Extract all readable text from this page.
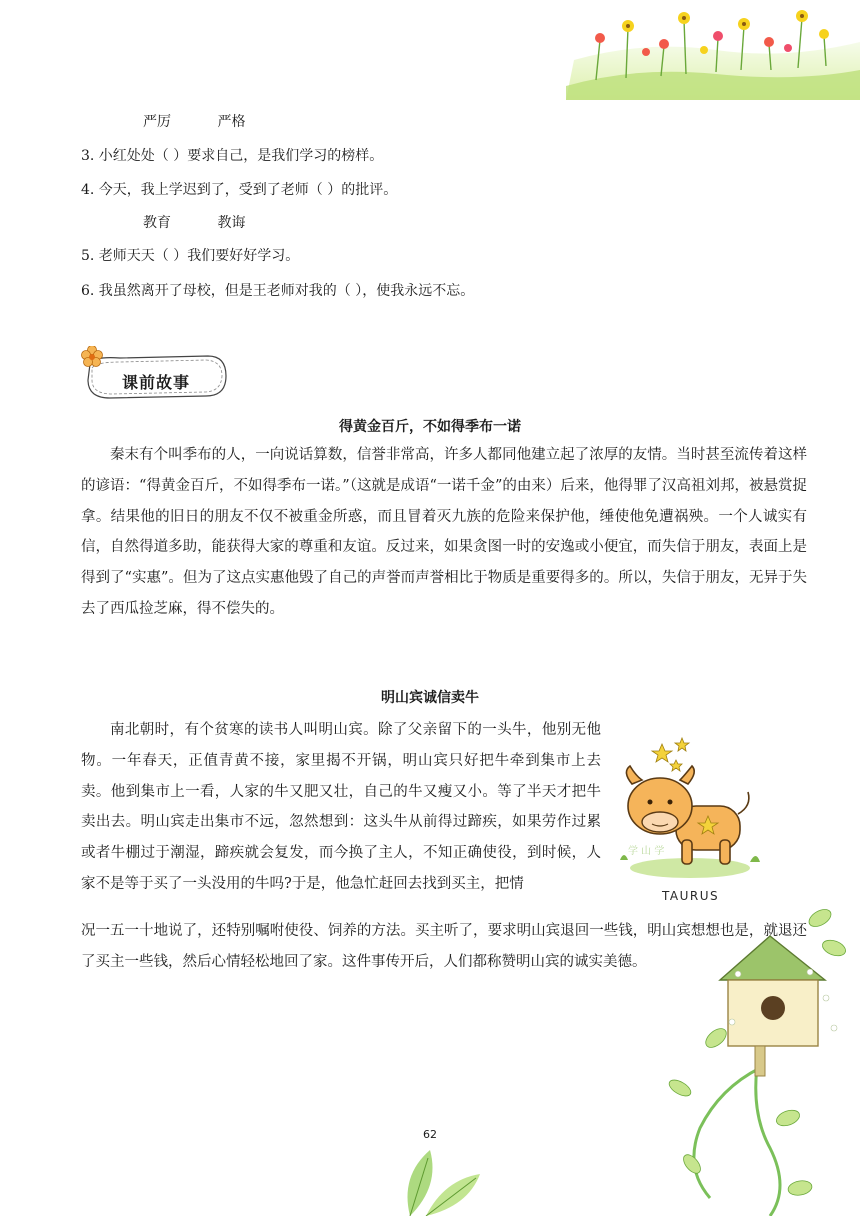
严厉	严格
3. 小红处处（ ）要求自己，是我们学习的榜样。
4. 今天，我上学迟到了，受到了老师（ ）的批评。
教育	教诲
5. 老师天天（ ）我们要好好学习。
6. 我虽然离开了母校，但是王老师对我的（ ），使我永远不忘。
课前故事
得黄金百斤，不如得季布一诺
秦末有个叫季布的人，一向说话算数，信誉非常高，许多人都同他建立起了浓厚的友情。当时甚至流传着这样的谚语：“得黄金百斤，不如得季布一诺。”（这就是成语“一诺千金”的由来）后来，他得罪了汉高祖刘邦，被悬赏捉拿。结果他的旧日的朋友不仅不被重金所惑，而且冒着灭九族的危险来保护他，缍使他免遭祸殃。一个人诚实有信，自然得道多助，能获得大家的尊重和友谊。反过来，如果贪图一时的安逸或小便宜，而失信于朋友，表面上是得到了“实惠”。但为了这点实惠他毁了自己的声誉而声誉相比于物质是重要得多的。所以，失信于朋友，无异于失去了西瓜捡芝麻，得不偿失的。
明山宾诚信卖牛
南北朝时，有个贫寒的读书人叫明山宾。除了父亲留下的一头牛，他别无他物。一年春天，正值青黄不接，家里揭不开锅，明山宾只好把牛牵到集市上去卖。他到集市上一看，人家的牛又肥又壮，自己的牛又瘦又小。等了半天才把牛卖出去。明山宾走出集市不远，忽然想到：这头牛从前得过蹄疾，如果劳作过累或者牛棚过于潮湿，蹄疾就会复发，而今换了主人，不知正确使役，到时候，人家不是等于买了一头没用的牛吗?于是，他急忙赶回去找到买主，把情
况一五一十地说了，还特别嘱咐使役、饲养的方法。买主听了，要求明山宾退回一些钱，明山宾想想也是，就退还了买主一些钱，然后心情轻松地回了家。这件事传开后，人们都称赞明山宾的诚实美德。
TAURUS
学 山 学
62
